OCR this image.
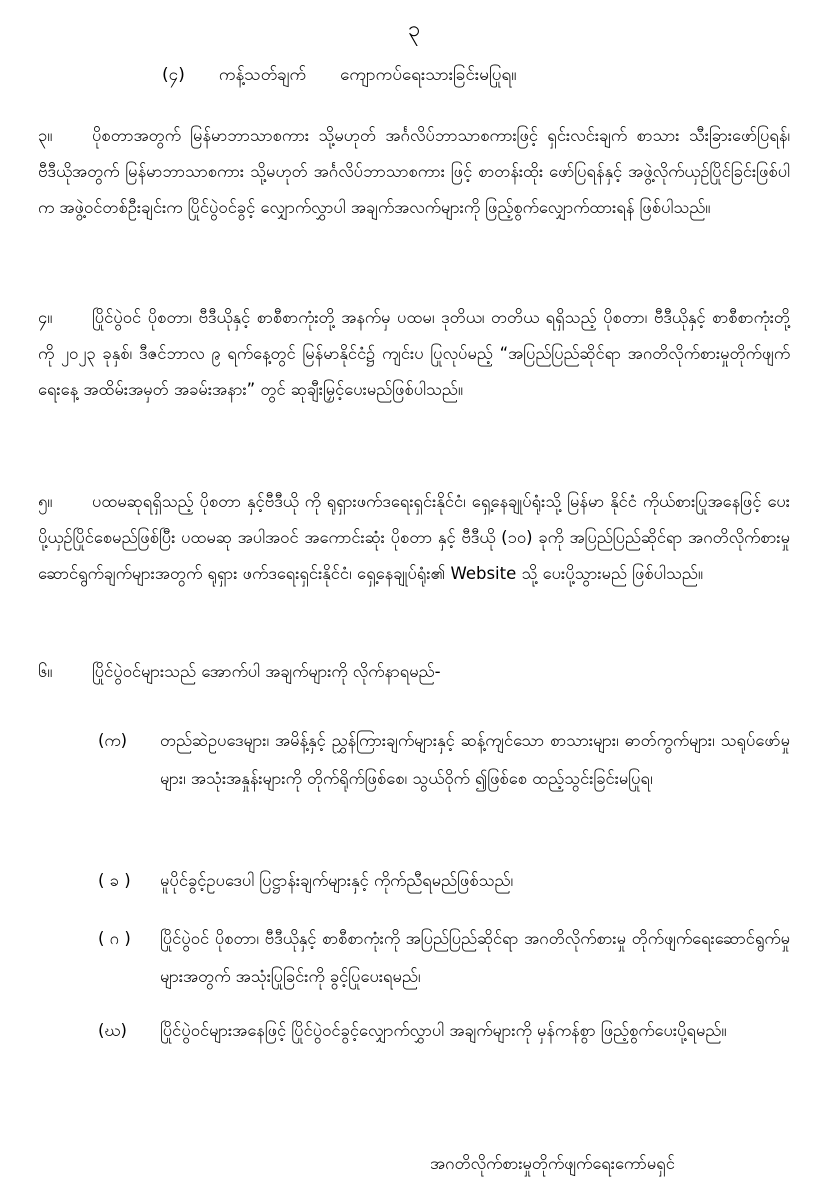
၃
(၄) ကန့်သတ်ချက် ကျောကပ်ရေးသားခြင်းမပြုရ။
၃။ ပိုစတာအတွက် မြန်မာဘာသာစကား သို့မဟုတ် အင်္ဂလိပ်ဘာသာစကားဖြင့် ရှင်းလင်းချက် စာသား သီးခြားဖော်ပြရန်၊ ဗီဒီယိုအတွက် မြန်မာဘာသာစကား သို့မဟုတ် အင်္ဂလိပ်ဘာသာစကား ဖြင့် စာတန်းထိုး ဖော်ပြရန်နှင့် အဖွဲ့လိုက်ယှဉ်ပြိုင်ခြင်းဖြစ်ပါက အဖွဲ့ဝင်တစ်ဦးချင်းက ပြိုင်ပွဲဝင်ခွင့် လျှောက်လွှာပါ အချက်အလက်များကို ဖြည့်စွက်လျှောက်ထားရန် ဖြစ်ပါသည်။
၄။ ပြိုင်ပွဲဝင် ပိုစတာ၊ ဗီဒီယိုနှင့် စာစီစာကုံးတို့ အနက်မှ ပထမ၊ ဒုတိယ၊ တတိယ ရရှိသည့် ပိုစတာ၊ ဗီဒီယိုနှင့် စာစီစာကုံးတို့ကို ၂၀၂၃ ခုနှစ်၊ ဒီဇင်ဘာလ ၉ ရက်နေ့တွင် မြန်မာနိုင်ငံ၌ ကျင်းပ ပြုလုပ်မည့် “အပြည်ပြည်ဆိုင်ရာ အဂတိလိုက်စားမှုတိုက်ဖျက်ရေးနေ့ အထိမ်းအမှတ် အခမ်းအနား” တွင် ဆုချီးမြှင့်ပေးမည်ဖြစ်ပါသည်။
၅။ ပထမဆုရရှိသည့် ပိုစတာ နှင့်ဗီဒီယို ကို ရုရှားဖက်ဒရေးရှင်းနိုင်ငံ၊ ရှေ့နေချုပ်ရုံးသို့ မြန်မာ နိုင်ငံ ကိုယ်စားပြုအနေဖြင့် ပေးပို့ယှဉ်ပြိုင်စေမည်ဖြစ်ပြီး ပထမဆု အပါအဝင် အကောင်းဆုံး ပိုစတာ နှင့် ဗီဒီယို (၁၀) ခုကို အပြည်ပြည်ဆိုင်ရာ အဂတိလိုက်စားမှု ဆောင်ရွက်ချက်များအတွက် ရုရှား ဖက်ဒရေးရှင်းနိုင်ငံ၊ ရှေ့နေချုပ်ရုံး၏ Website သို့ ပေးပို့သွားမည် ဖြစ်ပါသည်။
၆။ ပြိုင်ပွဲဝင်များသည် အောက်ပါ အချက်များကို လိုက်နာရမည်-
(က)	တည်ဆဲဥပဒေများ၊ အမိန့်နှင့် ညွှန်ကြားချက်များနှင့် ဆန့်ကျင်သော စာသားများ၊ ဓာတ်ကွက်များ၊ သရုပ်ဖော်မှုများ၊ အသုံးအနှုန်းများကို တိုက်ရိုက်ဖြစ်စေ၊ သွယ်ဝိုက် ၍ဖြစ်စေ ထည့်သွင်းခြင်းမပြုရ၊
( ခ )	မူပိုင်ခွင့်ဥပဒေပါ ပြဋ္ဌာန်းချက်များနှင့် ကိုက်ညီရမည်ဖြစ်သည်၊
( ဂ )	ပြိုင်ပွဲဝင် ပိုစတာ၊ ဗီဒီယိုနှင့် စာစီစာကုံးကို အပြည်ပြည်ဆိုင်ရာ အဂတိလိုက်စားမှု တိုက်ဖျက်ရေးဆောင်ရွက်မှုများအတွက် အသုံးပြုခြင်းကို ခွင့်ပြုပေးရမည်၊
(ဃ)	ပြိုင်ပွဲဝင်များအနေဖြင့် ပြိုင်ပွဲဝင်ခွင့်လျှောက်လွှာပါ အချက်များကို မှန်ကန်စွာ ဖြည့်စွက်ပေးပို့ရမည်။
အဂတိလိုက်စားမှုတိုက်ဖျက်ရေးကော်မရှင်
